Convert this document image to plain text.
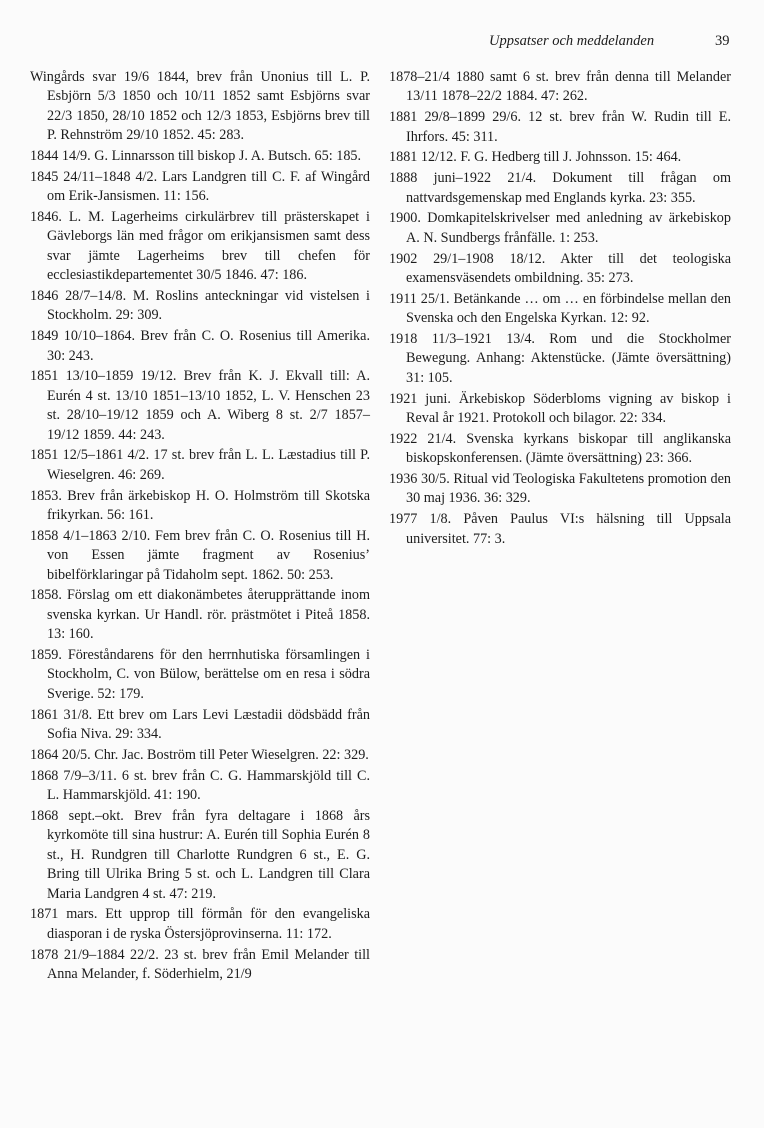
Uppsatser och meddelanden	39

Wingårds svar 19/6 1844, brev från Unonius till L. P. Esbjörn 5/3 1850 och 10/11 1852 samt Esbjörns svar 22/3 1850, 28/10 1852 och 12/3 1853, Esbjörns brev till P. Rehnström 29/10 1852. 45: 283.

1844 14/9. G. Linnarsson till biskop J. A. Butsch. 65: 185.

1845 24/11–1848 4/2. Lars Landgren till C. F. af Wingård om Erik-Jansismen. 11: 156.

1846. L. M. Lagerheims cirkulärbrev till prästerskapet i Gävleborgs län med frågor om erikjansismen samt dess svar jämte Lagerheims brev till chefen för ecclesiastikdepartementet 30/5 1846. 47: 186.

1846 28/7–14/8. M. Roslins anteckningar vid vistelsen i Stockholm. 29: 309.

1849 10/10–1864. Brev från C. O. Rosenius till Amerika. 30: 243.

1851 13/10–1859 19/12. Brev från K. J. Ekvall till: A. Eurén 4 st. 13/10 1851–13/10 1852, L. V. Henschen 23 st. 28/10–19/12 1859 och A. Wiberg 8 st. 2/7 1857–19/12 1859. 44: 243.

1851 12/5–1861 4/2. 17 st. brev från L. L. Læstadius till P. Wieselgren. 46: 269.

1853. Brev från ärkebiskop H. O. Holmström till Skotska frikyrkan. 56: 161.

1858 4/1–1863 2/10. Fem brev från C. O. Rosenius till H. von Essen jämte fragment av Rosenius’ bibelförklaringar på Tidaholm sept. 1862. 50: 253.

1858. Förslag om ett diakonämbetes återupprättande inom svenska kyrkan. Ur Handl. rör. prästmötet i Piteå 1858. 13: 160.

1859. Föreståndarens för den herrnhutiska församlingen i Stockholm, C. von Bülow, berättelse om en resa i södra Sverige. 52: 179.

1861 31/8. Ett brev om Lars Levi Læstadii dödsbädd från Sofia Niva. 29: 334.

1864 20/5. Chr. Jac. Boström till Peter Wieselgren. 22: 329.

1868 7/9–3/11. 6 st. brev från C. G. Hammarskjöld till C. L. Hammarskjöld. 41: 190.

1868 sept.–okt. Brev från fyra deltagare i 1868 års kyrkomöte till sina hustrur: A. Eurén till Sophia Eurén 8 st., H. Rundgren till Charlotte Rundgren 6 st., E. G. Bring till Ulrika Bring 5 st. och L. Landgren till Clara Maria Landgren 4 st. 47: 219.

1871 mars. Ett upprop till förmån för den evangeliska diasporan i de ryska Östersjöprovinserna. 11: 172.

1878 21/9–1884 22/2. 23 st. brev från Emil Melander till Anna Melander, f. Söderhielm, 21/9

1878–21/4 1880 samt 6 st. brev från denna till Melander 13/11 1878–22/2 1884. 47: 262.

1881 29/8–1899 29/6. 12 st. brev från W. Rudin till E. Ihrfors. 45: 311.

1881 12/12. F. G. Hedberg till J. Johnsson. 15: 464.

1888 juni–1922 21/4. Dokument till frågan om nattvardsgemenskap med Englands kyrka. 23: 355.

1900. Domkapitelskrivelser med anledning av ärkebiskop A. N. Sundbergs frånfälle. 1: 253.

1902 29/1–1908 18/12. Akter till det teologiska examensväsendets ombildning. 35: 273.

1911 25/1. Betänkande … om … en förbindelse mellan den Svenska och den Engelska Kyrkan. 12: 92.

1918 11/3–1921 13/4. Rom und die Stockholmer Bewegung. Anhang: Aktenstücke. (Jämte översättning) 31: 105.

1921 juni. Ärkebiskop Söderbloms vigning av biskop i Reval år 1921. Protokoll och bilagor. 22: 334.

1922 21/4. Svenska kyrkans biskopar till anglikanska biskopskonferensen. (Jämte översättning) 23: 366.

1936 30/5. Ritual vid Teologiska Fakultetens promotion den 30 maj 1936. 36: 329.

1977 1/8. Påven Paulus VI:s hälsning till Uppsala universitet. 77: 3.
